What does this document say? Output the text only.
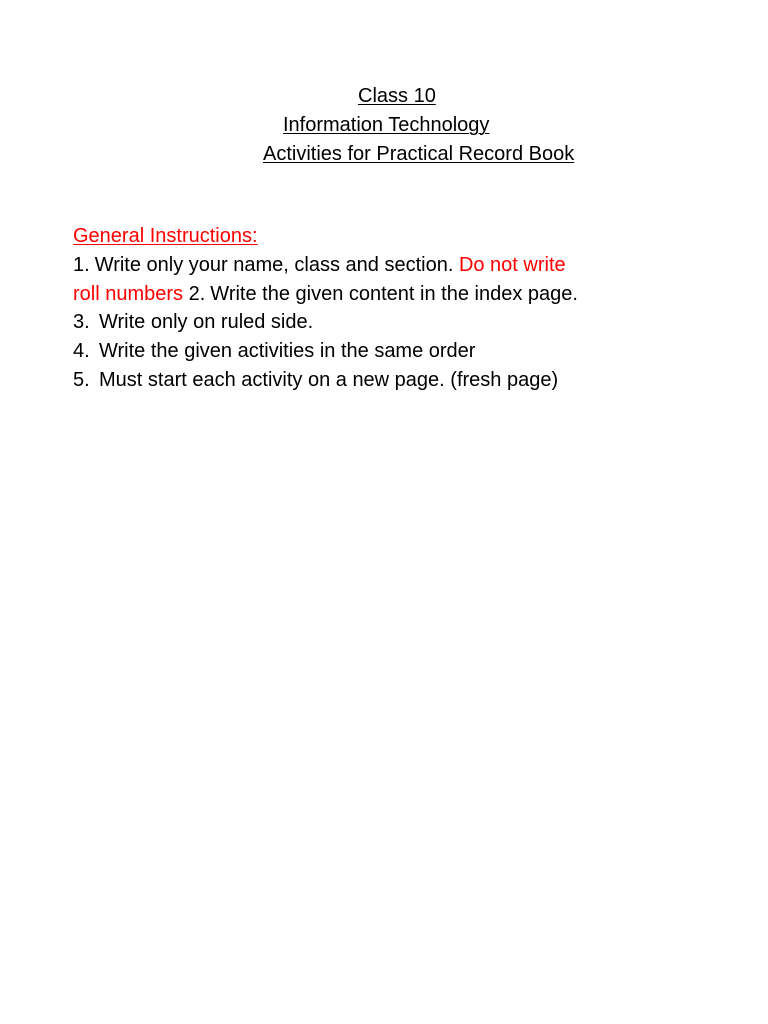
Class 10
Information Technology
Activities for Practical Record Book
General Instructions:
1. Write only your name, class and section. Do not write
roll numbers 2. Write the given content in the index page.
3. Write only on ruled side.
4. Write the given activities in the same order
5. Must start each activity on a new page. (fresh page)
